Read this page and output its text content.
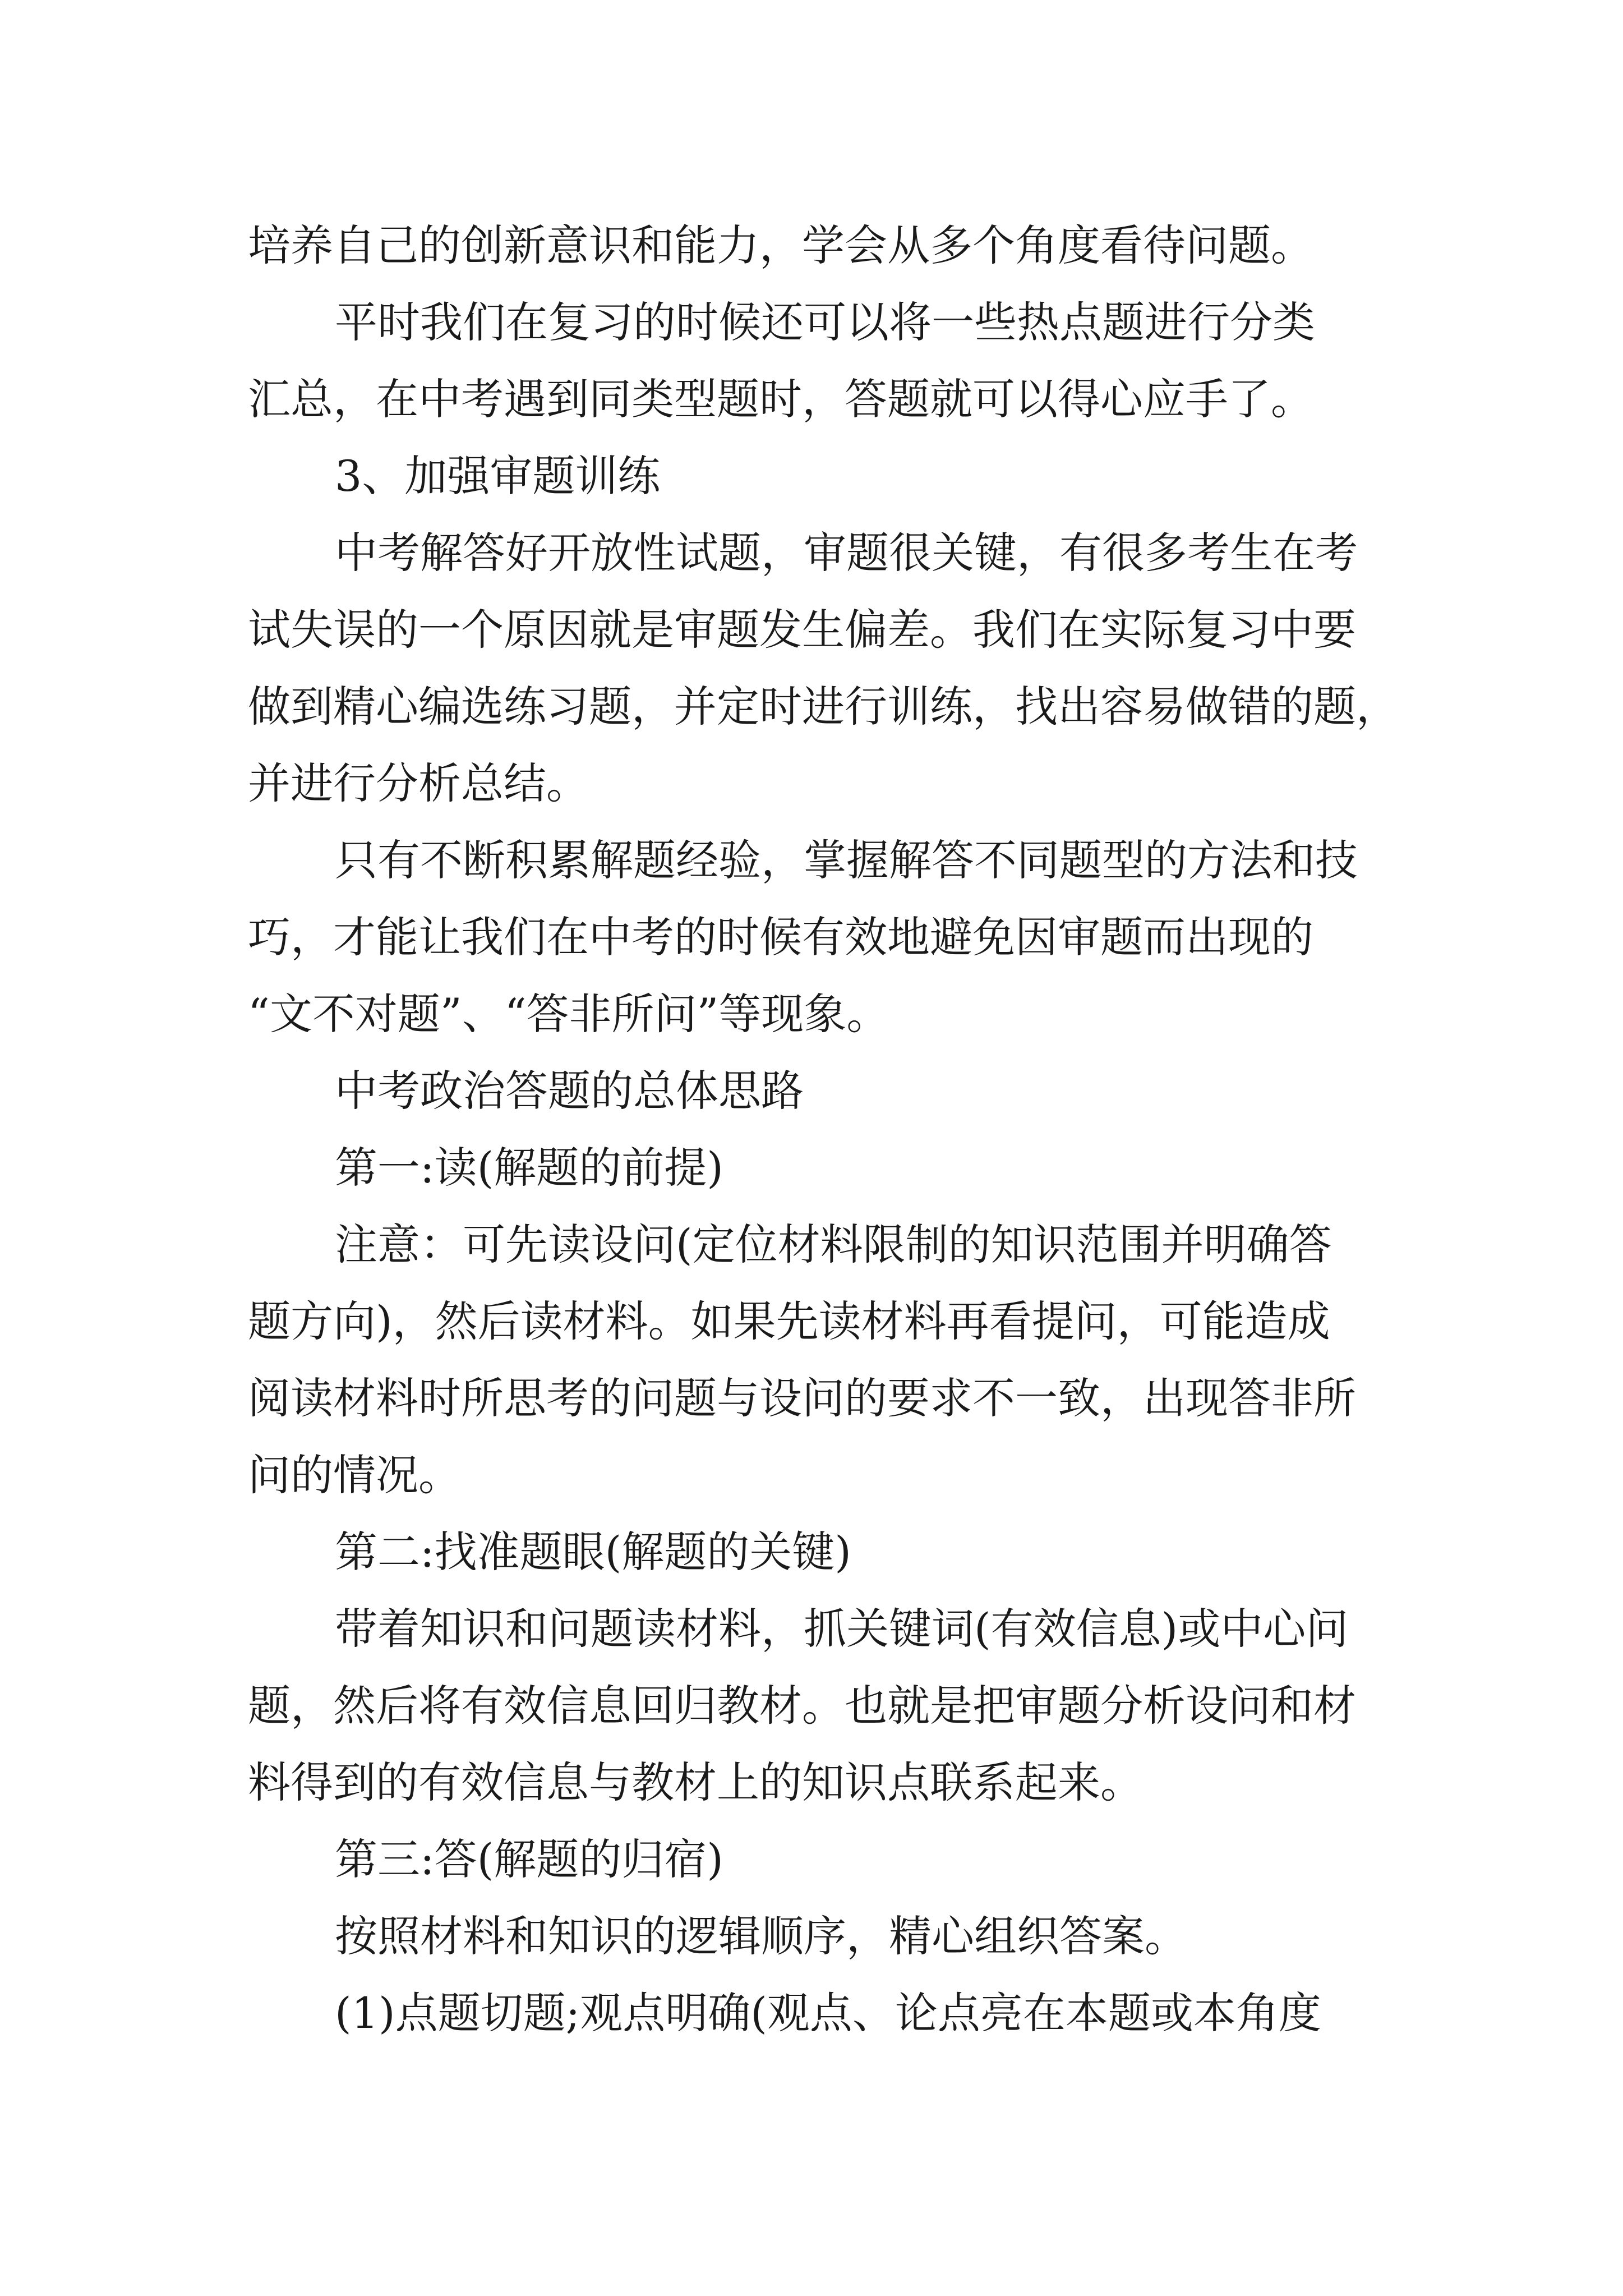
培养自己的创新意识和能力，学会从多个角度看待问题。
平时我们在复习的时候还可以将一些热点题进行分类
汇总，在中考遇到同类型题时，答题就可以得心应手了。
3、加强审题训练
中考解答好开放性试题，审题很关键，有很多考生在考
试失误的一个原因就是审题发生偏差。我们在实际复习中要
做到精心编选练习题，并定时进行训练，找出容易做错的题，
并进行分析总结。
只有不断积累解题经验，掌握解答不同题型的方法和技
巧，才能让我们在中考的时候有效地避免因审题而出现的
“文不对题”、“答非所问”等现象。
中考政治答题的总体思路
第一:读(解题的前提)
注意：可先读设问(定位材料限制的知识范围并明确答
题方向)，然后读材料。如果先读材料再看提问，可能造成
阅读材料时所思考的问题与设问的要求不一致，出现答非所
问的情况。
第二:找准题眼(解题的关键)
带着知识和问题读材料，抓关键词(有效信息)或中心问
题，然后将有效信息回归教材。也就是把审题分析设问和材
料得到的有效信息与教材上的知识点联系起来。
第三:答(解题的归宿)
按照材料和知识的逻辑顺序，精心组织答案。
(1)点题切题;观点明确(观点、论点亮在本题或本角度
